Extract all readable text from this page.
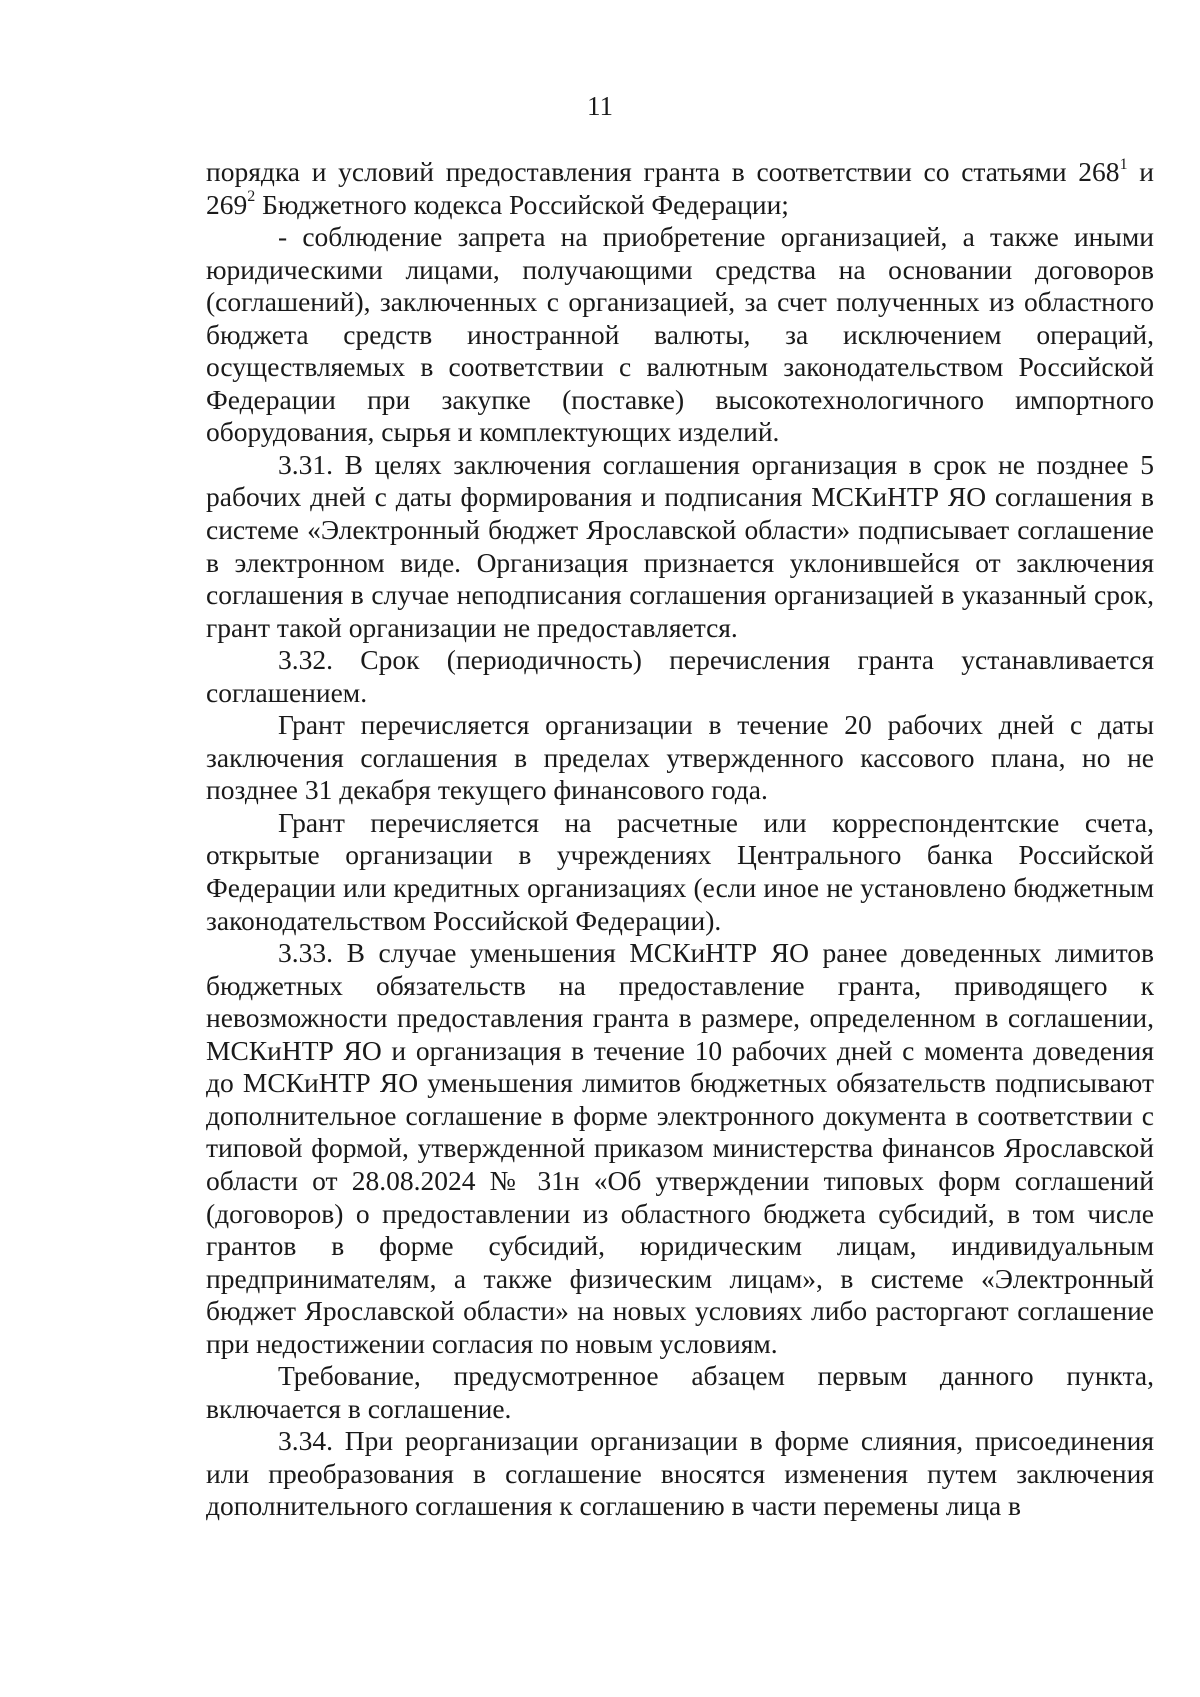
11

порядка и условий предоставления гранта в соответствии со статьями $268^1$ и $269^2$ Бюджетного кодекса Российской Федерации;

- соблюдение запрета на приобретение организацией, а также иными юридическими лицами, получающими средства на основании договоров (соглашений), заключенных с организацией, за счет полученных из областного бюджета средств иностранной валюты, за исключением операций, осуществляемых в соответствии с валютным законодательством Российской Федерации при закупке (поставке) высокотехнологичного импортного оборудования, сырья и комплектующих изделий.

3.31. В целях заключения соглашения организация в срок не позднее 5 рабочих дней с даты формирования и подписания МСКиНТР ЯО соглашения в системе «Электронный бюджет Ярославской области» подписывает соглашение в электронном виде. Организация признается уклонившейся от заключения соглашения в случае неподписания соглашения организацией в указанный срок, грант такой организации не предоставляется.

3.32. Срок (периодичность) перечисления гранта устанавливается соглашением.

Грант перечисляется организации в течение 20 рабочих дней с даты заключения соглашения в пределах утвержденного кассового плана, но не позднее 31 декабря текущего финансового года.

Грант перечисляется на расчетные или корреспондентские счета, открытые организации в учреждениях Центрального банка Российской Федерации или кредитных организациях (если иное не установлено бюджетным законодательством Российской Федерации).

3.33. В случае уменьшения МСКиНТР ЯО ранее доведенных лимитов бюджетных обязательств на предоставление гранта, приводящего к невозможности предоставления гранта в размере, определенном в соглашении, МСКиНТР ЯО и организация в течение 10 рабочих дней с момента доведения до МСКиНТР ЯО уменьшения лимитов бюджетных обязательств подписывают дополнительное соглашение в форме электронного документа в соответствии с типовой формой, утвержденной приказом министерства финансов Ярославской области от 28.08.2024 № 31н «Об утверждении типовых форм соглашений (договоров) о предоставлении из областного бюджета субсидий, в том числе грантов в форме субсидий, юридическим лицам, индивидуальным предпринимателям, а также физическим лицам», в системе «Электронный бюджет Ярославской области» на новых условиях либо расторгают соглашение при недостижении согласия по новым условиям.

Требование, предусмотренное абзацем первым данного пункта, включается в соглашение.

3.34. При реорганизации организации в форме слияния, присоединения или преобразования в соглашение вносятся изменения путем заключения дополнительного соглашения к соглашению в части перемены лица в
